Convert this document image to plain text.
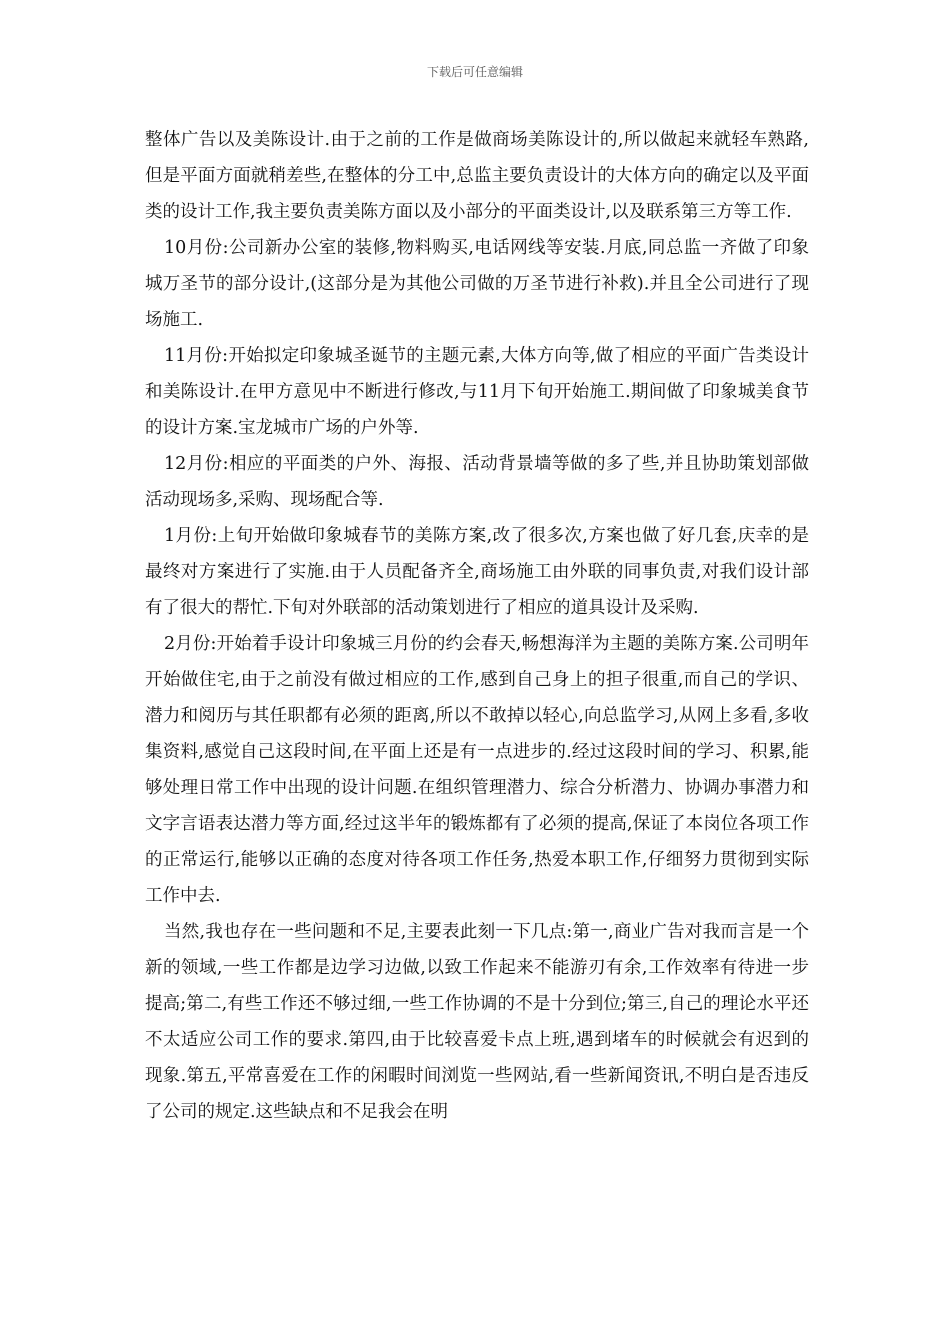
下载后可任意编辑

整体广告以及美陈设计.由于之前的工作是做商场美陈设计的,所以做起来就轻车熟路,但是平面方面就稍差些,在整体的分工中,总监主要负责设计的大体方向的确定以及平面类的设计工作,我主要负责美陈方面以及小部分的平面类设计,以及联系第三方等工作.

10月份:公司新办公室的装修,物料购买,电话网线等安装.月底,同总监一齐做了印象城万圣节的部分设计,(这部分是为其他公司做的万圣节进行补救).并且全公司进行了现场施工.

11月份:开始拟定印象城圣诞节的主题元素,大体方向等,做了相应的平面广告类设计和美陈设计.在甲方意见中不断进行修改,与11月下旬开始施工.期间做了印象城美食节的设计方案.宝龙城市广场的户外等.

12月份:相应的平面类的户外、海报、活动背景墙等做的多了些,并且协助策划部做活动现场多,采购、现场配合等.

1月份:上旬开始做印象城春节的美陈方案,改了很多次,方案也做了好几套,庆幸的是最终对方案进行了实施.由于人员配备齐全,商场施工由外联的同事负责,对我们设计部有了很大的帮忙.下旬对外联部的活动策划进行了相应的道具设计及采购.

2月份:开始着手设计印象城三月份的约会春天,畅想海洋为主题的美陈方案.公司明年开始做住宅,由于之前没有做过相应的工作,感到自己身上的担子很重,而自己的学识、潜力和阅历与其任职都有必须的距离,所以不敢掉以轻心,向总监学习,从网上多看,多收集资料,感觉自己这段时间,在平面上还是有一点进步的.经过这段时间的学习、积累,能够处理日常工作中出现的设计问题.在组织管理潜力、综合分析潜力、协调办事潜力和文字言语表达潜力等方面,经过这半年的锻炼都有了必须的提高,保证了本岗位各项工作的正常运行,能够以正确的态度对待各项工作任务,热爱本职工作,仔细努力贯彻到实际工作中去.

当然,我也存在一些问题和不足,主要表此刻一下几点:第一,商业广告对我而言是一个新的领域,一些工作都是边学习边做,以致工作起来不能游刃有余,工作效率有待进一步提高;第二,有些工作还不够过细,一些工作协调的不是十分到位;第三,自己的理论水平还不太适应公司工作的要求.第四,由于比较喜爱卡点上班,遇到堵车的时候就会有迟到的现象.第五,平常喜爱在工作的闲暇时间浏览一些网站,看一些新闻资讯,不明白是否违反了公司的规定.这些缺点和不足我会在明
